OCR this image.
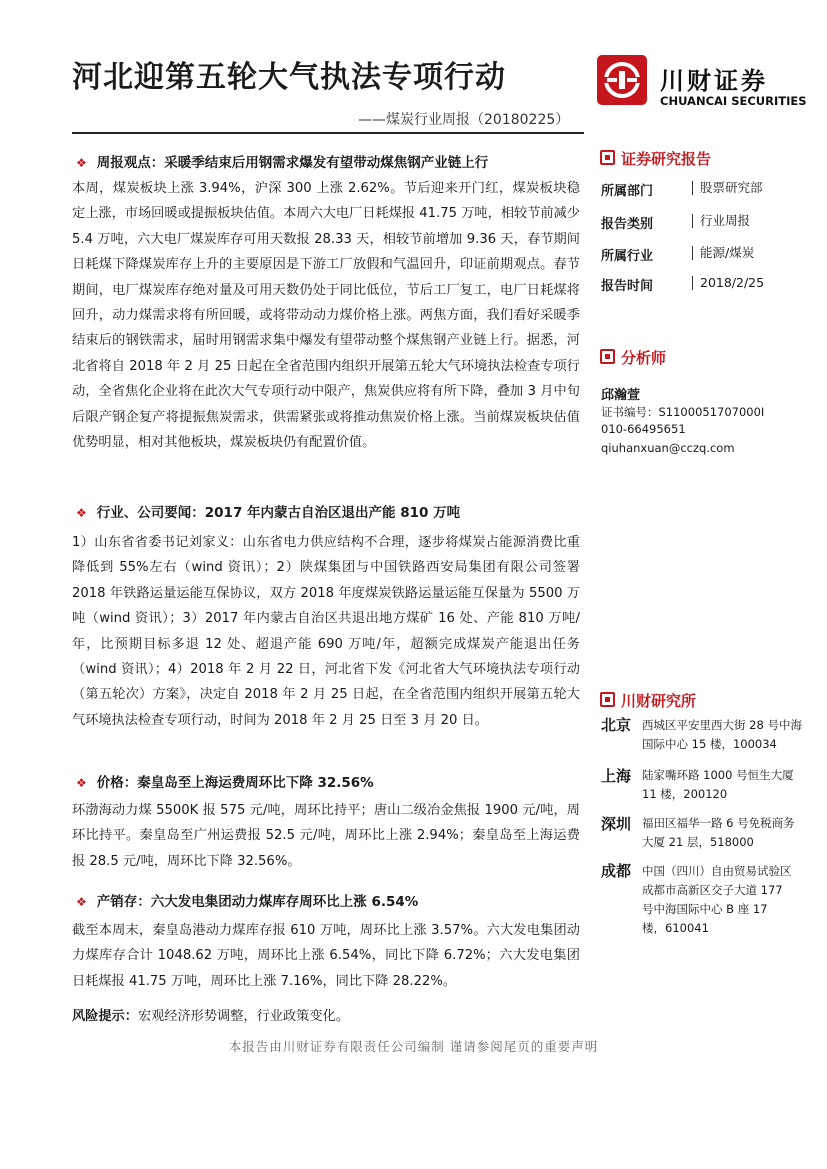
河北迎第五轮大气执法专项行动
——煤炭行业周报（20180225）
川财证券
CHUANCAI SECURITIES
❖ 周报观点：采暖季结束后用钢需求爆发有望带动煤焦钢产业链上行
本周，煤炭板块上涨 3.94%，沪深 300 上涨 2.62%。节后迎来开门红，煤炭板块稳定上涨，市场回暖或提振板块估值。本周六大电厂日耗煤报 41.75 万吨，相较节前减少 5.4 万吨，六大电厂煤炭库存可用天数报 28.33 天，相较节前增加 9.36 天，春节期间日耗煤下降煤炭库存上升的主要原因是下游工厂放假和气温回升，印证前期观点。春节期间，电厂煤炭库存绝对量及可用天数仍处于同比低位，节后工厂复工，电厂日耗煤将回升，动力煤需求将有所回暖，或将带动动力煤价格上涨。两焦方面，我们看好采暖季结束后的钢铁需求，届时用钢需求集中爆发有望带动整个煤焦钢产业链上行。据悉，河北省将自 2018 年 2 月 25 日起在全省范围内组织开展第五轮大气环境执法检查专项行动，全省焦化企业将在此次大气专项行动中限产，焦炭供应将有所下降，叠加 3 月中旬后限产钢企复产将提振焦炭需求，供需紧张或将推动焦炭价格上涨。当前煤炭板块估值优势明显，相对其他板块，煤炭板块仍有配置价值。
❖ 行业、公司要闻：2017 年内蒙古自治区退出产能 810 万吨
1）山东省省委书记刘家义：山东省电力供应结构不合理，逐步将煤炭占能源消费比重降低到 55%左右（wind 资讯）；2）陕煤集团与中国铁路西安局集团有限公司签署 2018 年铁路运量运能互保协议，双方 2018 年度煤炭铁路运量运能互保量为 5500 万吨（wind 资讯）；3）2017 年内蒙古自治区共退出地方煤矿 16 处、产能 810 万吨/年，比预期目标多退 12 处、超退产能 690 万吨/年，超额完成煤炭产能退出任务（wind 资讯）；4）2018 年 2 月 22 日，河北省下发《河北省大气环境执法专项行动（第五轮次）方案》，决定自 2018 年 2 月 25 日起，在全省范围内组织开展第五轮大气环境执法检查专项行动，时间为 2018 年 2 月 25 日至 3 月 20 日。
❖ 价格：秦皇岛至上海运费周环比下降 32.56%
环渤海动力煤 5500K 报 575 元/吨，周环比持平；唐山二级冶金焦报 1900 元/吨，周环比持平。秦皇岛至广州运费报 52.5 元/吨，周环比上涨 2.94%；秦皇岛至上海运费报 28.5 元/吨，周环比下降 32.56%。
❖ 产销存：六大发电集团动力煤库存周环比上涨 6.54%
截至本周末，秦皇岛港动力煤库存报 610 万吨，周环比上涨 3.57%。六大发电集团动力煤库存合计 1048.62 万吨，周环比上涨 6.54%，同比下降 6.72%；六大发电集团日耗煤报 41.75 万吨，周环比上涨 7.16%，同比下降 28.22%。
风险提示：宏观经济形势调整，行业政策变化。
本报告由川财证券有限责任公司编制 谨请参阅尾页的重要声明
证券研究报告
所属部门	股票研究部
报告类别	行业周报
所属行业	能源/煤炭
报告时间	2018/2/25
分析师
邱瀚萱
证书编号：S1100051707000I
010-66495651
qiuhanxuan@cczq.com
川财研究所
北京 西城区平安里西大街 28 号中海国际中心 15 楼，100034
上海 陆家嘴环路 1000 号恒生大厦 11 楼，200120
深圳 福田区福华一路 6 号免税商务大厦 21 层，518000
成都 中国（四川）自由贸易试验区成都市高新区交子大道 177 号中海国际中心 B 座 17 楼，610041
